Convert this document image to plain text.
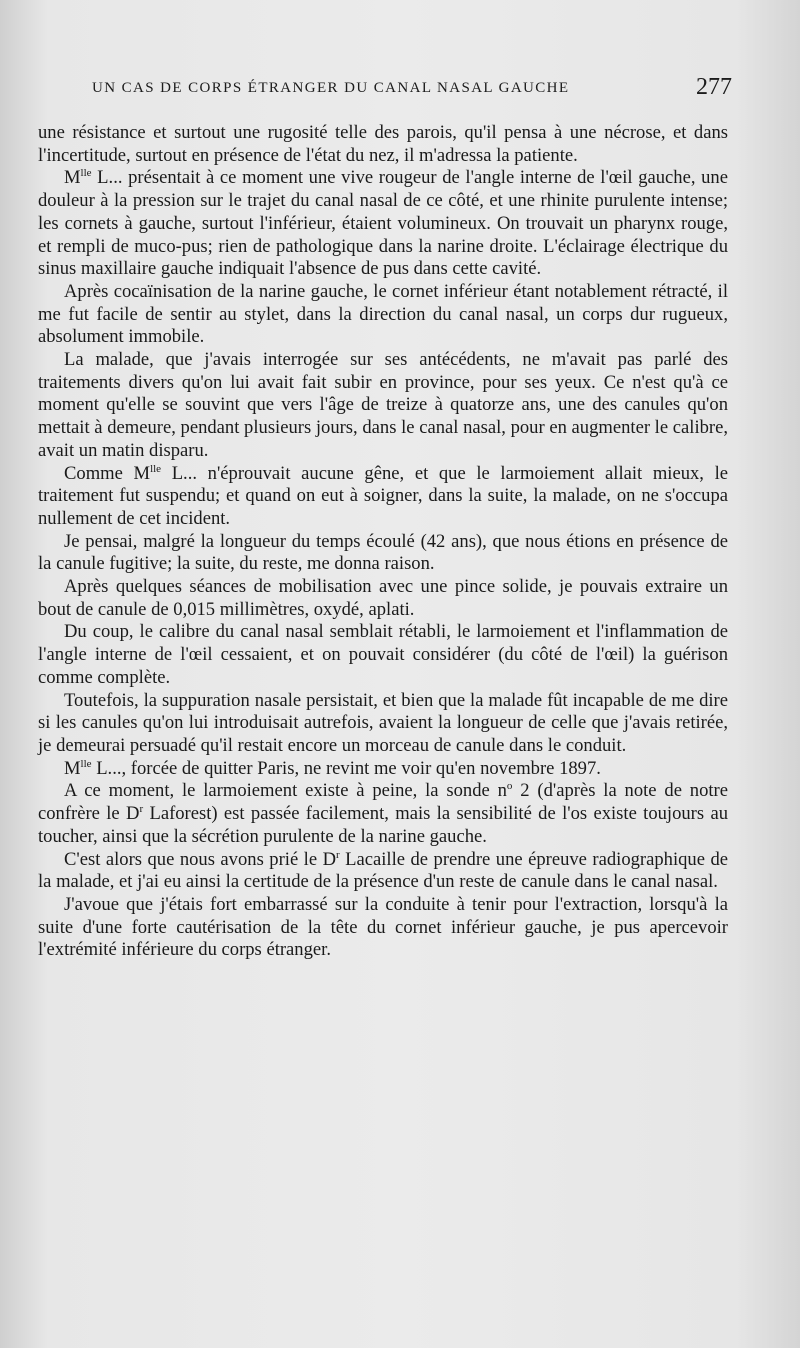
UN CAS DE CORPS ÉTRANGER DU CANAL NASAL GAUCHE	277

une résistance et surtout une rugosité telle des parois, qu'il pensa à une nécrose, et dans l'incertitude, surtout en présence de l'état du nez, il m'adressa la patiente.

$M^{lle}$ L... présentait à ce moment une vive rougeur de l'angle interne de l'œil gauche, une douleur à la pression sur le trajet du canal nasal de ce côté, et une rhinite purulente intense; les cornets à gauche, surtout l'inférieur, étaient volumineux. On trouvait un pharynx rouge, et rempli de muco-pus; rien de pathologique dans la narine droite. L'éclairage électrique du sinus maxillaire gauche indiquait l'absence de pus dans cette cavité.

Après cocaïnisation de la narine gauche, le cornet inférieur étant notablement rétracté, il me fut facile de sentir au stylet, dans la direction du canal nasal, un corps dur rugueux, absolument immobile.

La malade, que j'avais interrogée sur ses antécédents, ne m'avait pas parlé des traitements divers qu'on lui avait fait subir en province, pour ses yeux. Ce n'est qu'à ce moment qu'elle se souvint que vers l'âge de treize à quatorze ans, une des canules qu'on mettait à demeure, pendant plusieurs jours, dans le canal nasal, pour en augmenter le calibre, avait un matin disparu.

Comme $M^{lle}$ L... n'éprouvait aucune gêne, et que le larmoiement allait mieux, le traitement fut suspendu; et quand on eut à soigner, dans la suite, la malade, on ne s'occupa nullement de cet incident.

Je pensai, malgré la longueur du temps écoulé (42 ans), que nous étions en présence de la canule fugitive; la suite, du reste, me donna raison.

Après quelques séances de mobilisation avec une pince solide, je pouvais extraire un bout de canule de 0,015 millimètres, oxydé, aplati.

Du coup, le calibre du canal nasal semblait rétabli, le larmoiement et l'inflammation de l'angle interne de l'œil cessaient, et on pouvait considérer (du côté de l'œil) la guérison comme complète.

Toutefois, la suppuration nasale persistait, et bien que la malade fût incapable de me dire si les canules qu'on lui introduisait autrefois, avaient la longueur de celle que j'avais retirée, je demeurai persuadé qu'il restait encore un morceau de canule dans le conduit.

$M^{lle}$ L..., forcée de quitter Paris, ne revint me voir qu'en novembre 1897.

A ce moment, le larmoiement existe à peine, la sonde $n^o$ 2 (d'après la note de notre confrère le $D^r$ Laforest) est passée facilement, mais la sensibilité de l'os existe toujours au toucher, ainsi que la sécrétion purulente de la narine gauche.

C'est alors que nous avons prié le $D^r$ Lacaille de prendre une épreuve radiographique de la malade, et j'ai eu ainsi la certitude de la présence d'un reste de canule dans le canal nasal.

J'avoue que j'étais fort embarrassé sur la conduite à tenir pour l'extraction, lorsqu'à la suite d'une forte cautérisation de la tête du cornet inférieur gauche, je pus apercevoir l'extrémité inférieure du corps étranger.
